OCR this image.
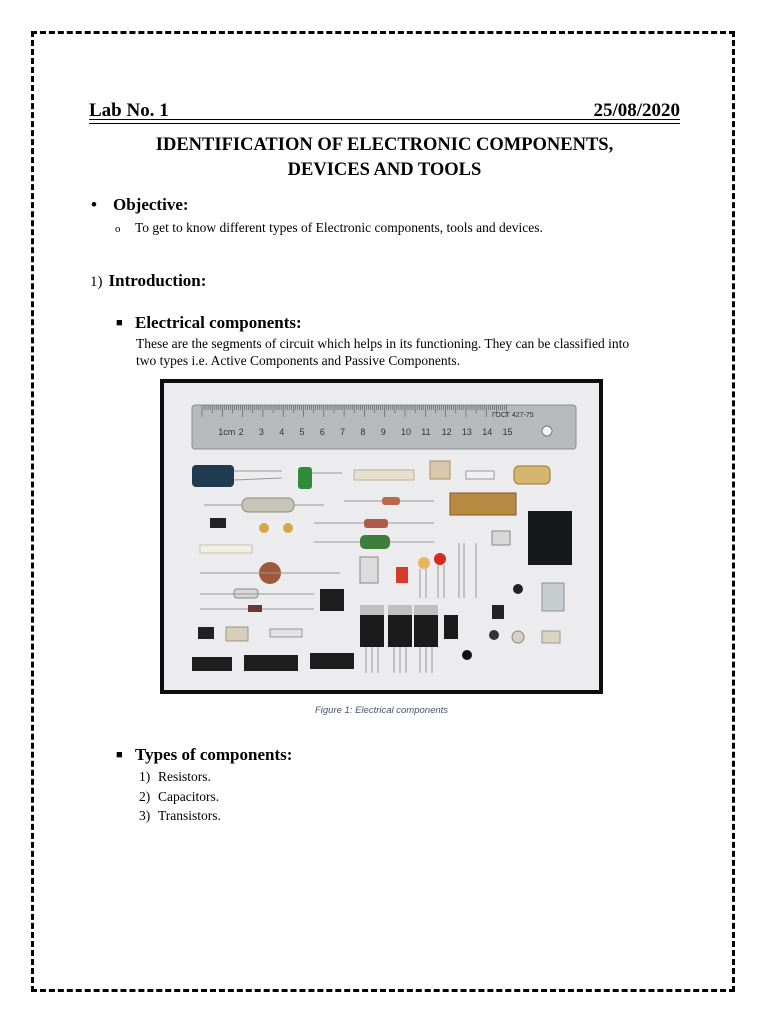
Lab No. 1	25/08/2020
IDENTIFICATION OF ELECTRONIC COMPONENTS,
DEVICES AND TOOLS
• Objective:
o To get to know different types of Electronic components, tools and devices.
1) Introduction:
■ Electrical components:
These are the segments of circuit which helps in its functioning. They can be classified into
two types i.e. Active Components and Passive Components.
1cm 2 3 4 5 6 7 8 9 10 11 12 13 14 15
ГОСТ 427-75
Figure 1: Electrical components
■ Types of components:
1) Resistors.
2) Capacitors.
3) Transistors.
